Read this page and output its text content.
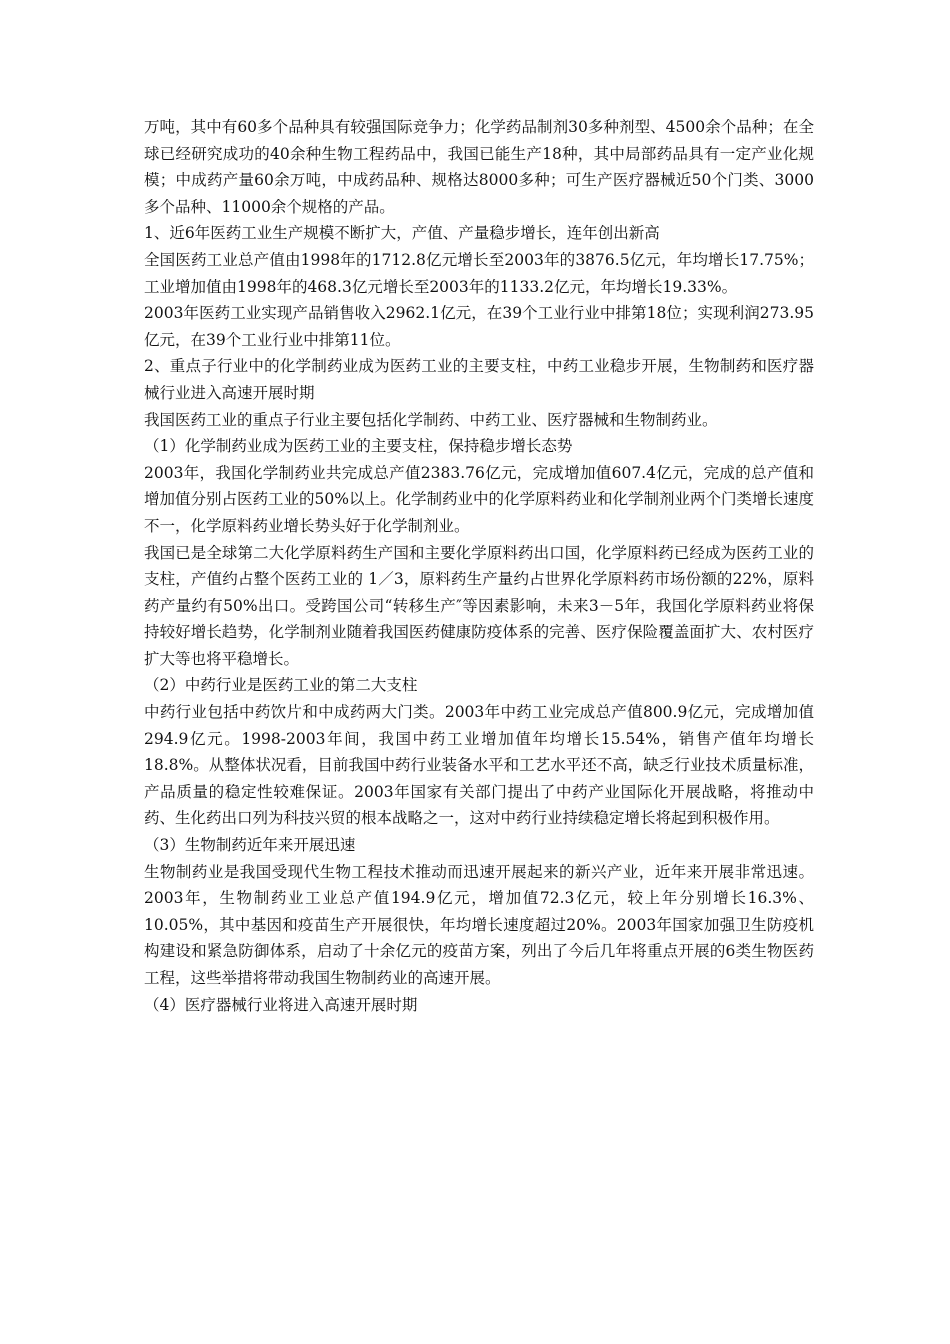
万吨，其中有60多个品种具有较强国际竞争力；化学药品制剂30多种剂型、4500余个品种；在全球已经研究成功的40余种生物工程药品中，我国已能生产18种，其中局部药品具有一定产业化规模；中成药产量60余万吨，中成药品种、规格达8000多种；可生产医疗器械近50个门类、3000多个品种、11000余个规格的产品。

1、近6年医药工业生产规模不断扩大，产值、产量稳步增长，连年创出新高

全国医药工业总产值由1998年的1712.8亿元增长至2003年的3876.5亿元，年均增长17.75%；工业增加值由1998年的468.3亿元增长至2003年的1133.2亿元，年均增长19.33%。

2003年医药工业实现产品销售收入2962.1亿元，在39个工业行业中排第18位；实现利润273.95亿元，在39个工业行业中排第11位。

2、重点子行业中的化学制药业成为医药工业的主要支柱，中药工业稳步开展，生物制药和医疗器械行业进入高速开展时期

我国医药工业的重点子行业主要包括化学制药、中药工业、医疗器械和生物制药业。

（1）化学制药业成为医药工业的主要支柱，保持稳步增长态势

2003年，我国化学制药业共完成总产值2383.76亿元，完成增加值607.4亿元，完成的总产值和增加值分别占医药工业的50%以上。化学制药业中的化学原料药业和化学制剂业两个门类增长速度不一，化学原料药业增长势头好于化学制剂业。

我国已是全球第二大化学原料药生产国和主要化学原料药出口国，化学原料药已经成为医药工业的支柱，产值约占整个医药工业的 1／3，原料药生产量约占世界化学原料药市场份额的22%，原料药产量约有50%出口。受跨国公司“转移生产″等因素影响，未来3－5年，我国化学原料药业将保持较好增长趋势，化学制剂业随着我国医药健康防疫体系的完善、医疗保险覆盖面扩大、农村医疗扩大等也将平稳增长。

（2）中药行业是医药工业的第二大支柱

中药行业包括中药饮片和中成药两大门类。2003年中药工业完成总产值800.9亿元，完成增加值294.9亿元。1998-2003年间，我国中药工业增加值年均增长15.54%，销售产值年均增长18.8%。从整体状况看，目前我国中药行业装备水平和工艺水平还不高，缺乏行业技术质量标准，产品质量的稳定性较难保证。2003年国家有关部门提出了中药产业国际化开展战略，将推动中药、生化药出口列为科技兴贸的根本战略之一，这对中药行业持续稳定增长将起到积极作用。

（3）生物制药近年来开展迅速

生物制药业是我国受现代生物工程技术推动而迅速开展起来的新兴产业，近年来开展非常迅速。2003年，生物制药业工业总产值194.9亿元，增加值72.3亿元，较上年分别增长16.3%、10.05%，其中基因和疫苗生产开展很快，年均增长速度超过20%。2003年国家加强卫生防疫机构建设和紧急防御体系，启动了十余亿元的疫苗方案，列出了今后几年将重点开展的6类生物医药工程，这些举措将带动我国生物制药业的高速开展。

（4）医疗器械行业将进入高速开展时期
